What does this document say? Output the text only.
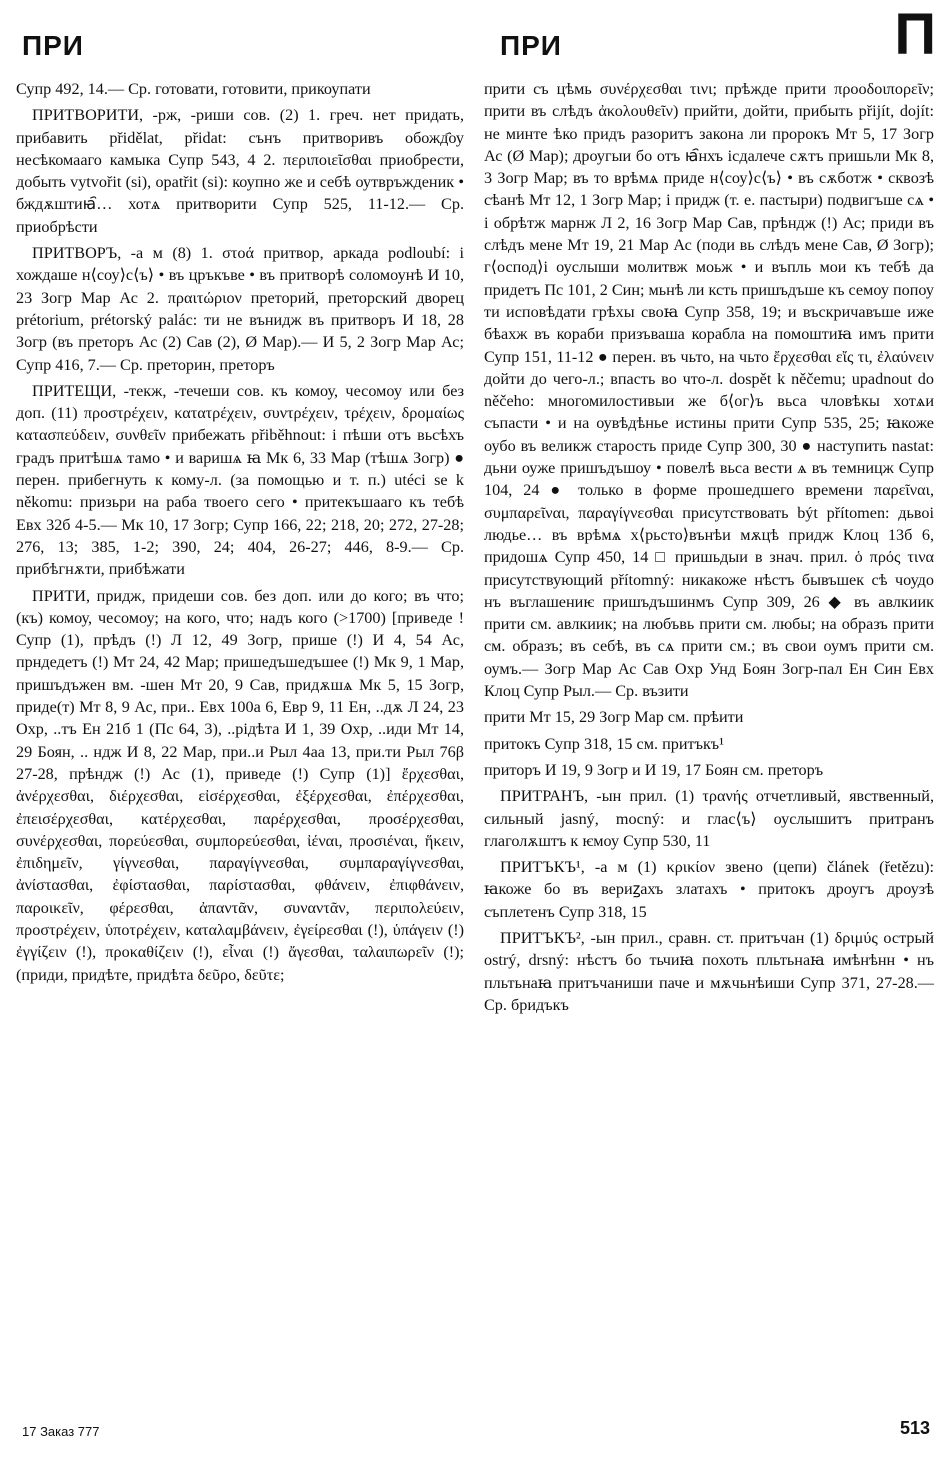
ПРИ	ПРИ	П

Супр 492, 14.— Ср. готовати, готовити, прикоупати

ПРИТВОРИТИ, -рж, -риши сов. (2) 1. греч. нет придать, прибавить přidělat, přidat: сънъ притворивъ обожд҄оу несѣкомааго камыка Супр 543, 4 2. περιποιεῖσθαι приобрести, добыть vytvořit (si), opatřit (si): коупно же и себѣ оутвръжденик • бждѫштиꙗ҄… хотѧ притворити Супр 525, 11-12.— Ср. приобрѣсти

ПРИТВОРЪ, -а м (8) 1. στοά притвор, аркада podloubí: і хождаше н⟨соу⟩с⟨ъ⟩ • въ цръкъве • въ притворѣ соломоунѣ И 10, 23 Зогр Мар Ас 2. πραιτώριον преторий, преторский дворец prétorium, prétorský palác: ти не вънидж въ притворъ И 18, 28 Зогр (въ преторъ Ас (2) Сав (2), Ø Мар).— И 5, 2 Зогр Мар Ас; Супр 416, 7.— Ср. преторин, преторъ

ПРИТЕЩИ, -текж, -течеши сов. къ комоу, чесомоу или без доп. (11) προστρέχειν, κατατρέχειν, συντρέχειν, τρέχειν, δρομαίως κατασπεύδειν, συνθεῖν прибежать přiběhnout: і пѣши отъ вьсѣхъ градъ притѣшѧ тамо • и варишѧ ꙗ Мк 6, 33 Мар (тѣшѧ Зогр) ● перен. прибегнуть к кому-л. (за помощью и т. п.) utéci se k někomu: призьри на раба твоего сего • притекъшааго къ тебѣ Евх 32б 4-5.— Мк 10, 17 Зогр; Супр 166, 22; 218, 20; 272, 27-28; 276, 13; 385, 1-2; 390, 24; 404, 26-27; 446, 8-9.— Ср. прибѣгнѫти, прибѣжати

ПРИТИ, придж, придеши сов. без доп. или до кого; въ что; (къ) комоу, чесомоу; на кого, что; надъ кого (>1700) [приведе ! Супр (1), прѣдъ (!) Л 12, 49 Зогр, прише (!) И 4, 54 Ас, прндедетъ (!) Мт 24, 42 Мар; пришедъшедъшее (!) Мк 9, 1 Мар, пришъдъжен вм. -шен Мт 20, 9 Сав, придѫшѧ Мк 5, 15 Зогр, приде(т) Мт 8, 9 Ас, при.. Евх 100а 6, Евр 9, 11 Ен, ..дѫ Л 24, 23 Охр, ..тъ Ен 21б 1 (Пс 64, 3), ..рідѣта И 1, 39 Охр, ..иди Мт 14, 29 Боян, .. ндж И 8, 22 Мар, при..и Рыл 4аа 13, при.ти Рыл 76β 27-28, прѣндж (!) Ас (1), приведе (!) Супр (1)] ἔρχεσθαι, ἀνέρχεσθαι, διέρχεσθαι, εἰσέρχεσθαι, ἐξέρχεσθαι, ἐπέρχεσθαι, ἐπεισέρχεσθαι, κατέρχεσθαι, παρέρχεσθαι, προσέρχεσθαι, συνέρχεσθαι, πορεύεσθαι, συμπορεύεσθαι, ἰέναι, προσιέναι, ἥκειν, ἐπιδημεῖν, γίγνεσθαι, παραγίγνεσθαι, συμπαραγίγνεσθαι, ἀνίστασθαι, ἐφίστασθαι, παρίστασθαι, φθάνειν, ἐπιφθάνειν, παροικεῖν, φέρεσθαι, ἀπαντᾶν, συναντᾶν, περιπολεύειν, προστρέχειν, ὑποτρέχειν, καταλαμβάνειν, ἐγείρεσθαι (!), ὑπάγειν (!) ἐγγίζειν (!), προκαθίζειν (!), εἶναι (!) ἄγεσθαι, ταλαιπωρεῖν (!); (приди, придѣте, придѣта δεῦρο, δεῦτε;

прити съ цѣмь συνέρχεσθαι τινι; прѣжде прити προοδοιπορεῖν; прити въ слѣдъ ἀκολουθεῖν) прийти, дойти, прибыть přijít, dojít: не минте ѣко придъ разоритъ закона ли пророкъ Мт 5, 17 Зогр Ас (Ø Мар); дроугыи бо отъ ꙗ҄нхъ ісдалече сѫтъ пришьли Мк 8, 3 Зогр Мар; въ то врѣмѧ приде н⟨соу⟩с⟨ъ⟩ • въ сѫботж • сквозѣ сѣанѣ Мт 12, 1 Зогр Мар; і придж (т. е. пастыри) подвигъше сѧ • і обрѣтж марнж Л 2, 16 Зогр Мар Сав, прѣндж (!) Ас; приди въ слѣдъ мене Мт 19, 21 Мар Ас (поди вь слѣдъ мене Сав, Ø Зогр); г⟨оспод⟩і оуслыши молитвж моьж • и въпль мои къ тебѣ да придетъ Пс 101, 2 Син; мьнѣ ли ксть пришъдъше къ семоу попоу ти исповѣдати грѣхы своꙗ Супр 358, 19; и въскричавъше иже бѣахж въ кораби призъваша корабла на помоштиꙗ имъ прити Супр 151, 11-12 ● перен. въ чьто, на чьто ἔρχεσθαι εἴς τι, ἐλαύνειν дойти до чего-л.; впасть во что-л. dospět k něčemu; upadnout do něčeho: многомилостивыи же б⟨ог⟩ъ вьса чловѣкы хотѧи съпасти • и на оувѣдѣнье истины прити Супр 535, 25; ꙗкоже оубо въ великж старость приде Супр 300, 30 ● наступить nastat: дьни оуже пришъдъшоу • повелѣ вьса вести ѧ въ темницж Супр 104, 24 ● только в форме прошедшего времени παρεῖναι, συμπαρεῖναι, παραγίγνεσθαι присутствовать být přítomen: дьвоі людье… въ врѣмѧ х⟨рьсто⟩вънѣи мѫцѣ придж Клоц 13б 6, придошѧ Супр 450, 14 □ пришьдыи в знач. прил. ὁ πρός τινα присутствующий přítomný: никакоже нѣстъ бывъшек сѣ чоудо нъ въглашениѥ пришъдъшинмъ Супр 309, 26 ◆ въ авлкиик прити см. авлкиик; на любъвь прити см. любы; на образъ прити см. образъ; въ себѣ, въ сѧ прити см.; въ свои оумъ прити см. оумъ.— Зогр Мар Ас Сав Охр Унд Боян Зогр-пал Ен Син Евх Клоц Супр Рыл.— Ср. възити

прити Мт 15, 29 Зогр Мар см. прѣити

притокъ Супр 318, 15 см. притъкъ¹

приторъ И 19, 9 Зогр и И 19, 17 Боян см. преторъ

ПРИТРАНЪ, -ын прил. (1) τρανής отчетливый, явственный, сильный jasný, mocný: и глас⟨ъ⟩ оуслышитъ притранъ глаголѫштъ к ѥмоу Супр 530, 11

ПРИТЪКЪ¹, -а м (1) κρικίον звено (цепи) článek (řetězu): ꙗкоже бо въ вериꙁахъ златахъ • притокъ дроугъ дроузѣ съплетенъ Супр 318, 15

ПРИТЪКЪ², -ын прил., сравн. ст. притъчан (1) δριμύς острый ostrý, drsný: нѣстъ бо тьчиꙗ похоть пльтьнаꙗ имѣнѣнн • нъ пльтьнаꙗ притъчаниши паче и мѫчьнѣиши Супр 371, 27-28.— Ср. бридъкъ

17 Заказ 777	513
